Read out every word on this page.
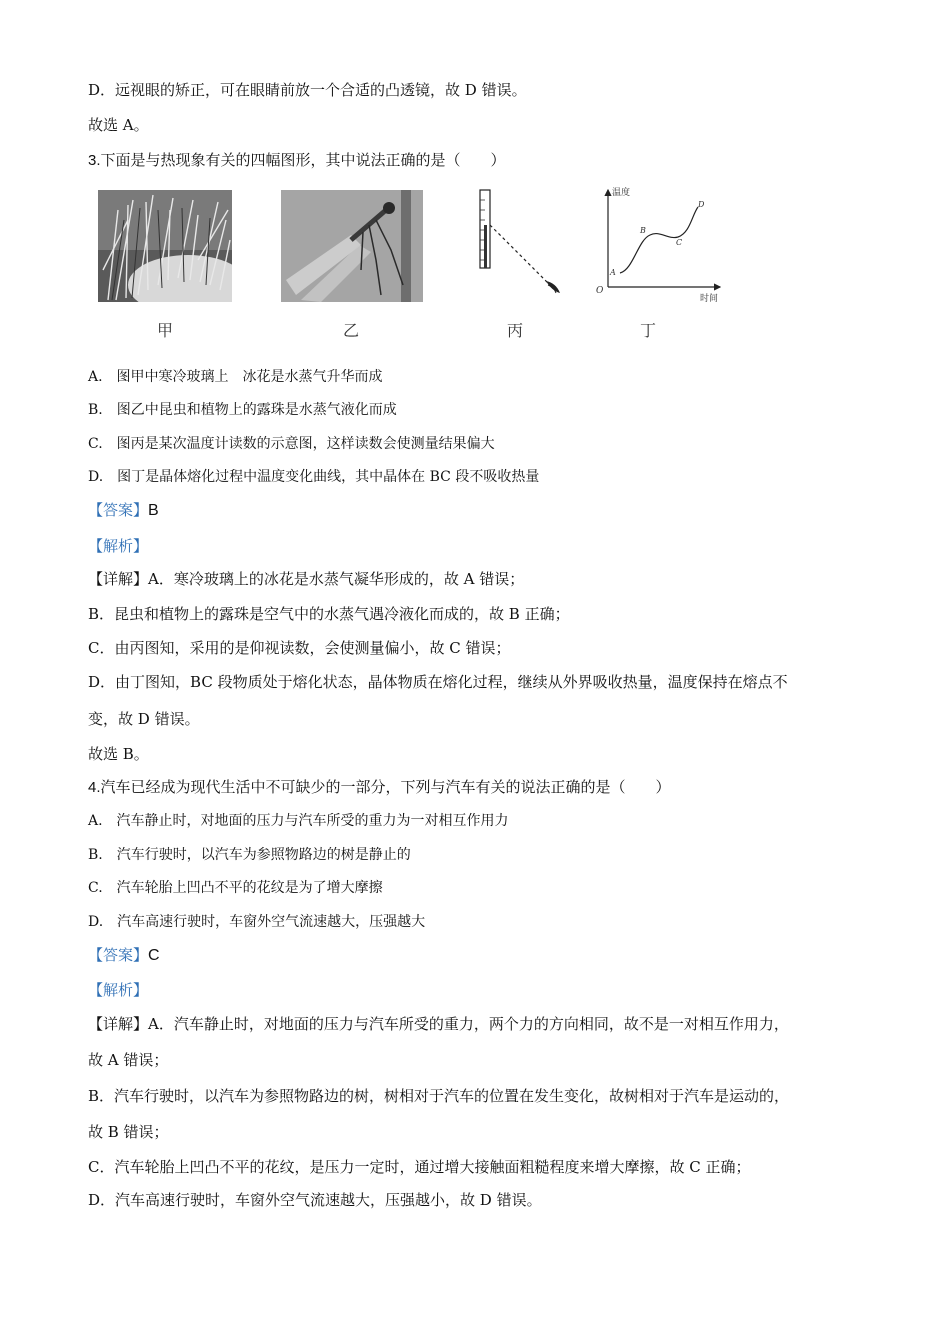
D．远视眼的矫正，可在眼睛前放一个合适的凸透镜，故 D 错误。
故选 A。
3.下面是与热现象有关的四幅图形，其中说法正确的是（　　）
甲	乙	丙
温度
时间
O
A
B
C
D
丁
A.　图甲中寒冷玻璃上　冰花是水蒸气升华而成
B.　图乙中昆虫和植物上的露珠是水蒸气液化而成
C.　图丙是某次温度计读数的示意图，这样读数会使测量结果偏大
D.　图丁是晶体熔化过程中温度变化曲线，其中晶体在 BC 段不吸收热量
【答案】B
【解析】
【详解】A．寒冷玻璃上的冰花是水蒸气凝华形成的，故 A 错误；
B．昆虫和植物上的露珠是空气中的水蒸气遇冷液化而成的，故 B 正确；
C．由丙图知，采用的是仰视读数，会使测量偏小，故 C 错误；
D．由丁图知，BC 段物质处于熔化状态，晶体物质在熔化过程，继续从外界吸收热量，温度保持在熔点不
变，故 D 错误。
故选 B。
4.汽车已经成为现代生活中不可缺少的一部分，下列与汽车有关的说法正确的是（　　）
A.　汽车静止时，对地面的压力与汽车所受的重力为一对相互作用力
B.　汽车行驶时，以汽车为参照物路边的树是静止的
C.　汽车轮胎上凹凸不平的花纹是为了增大摩擦
D.　汽车高速行驶时，车窗外空气流速越大，压强越大
【答案】C
【解析】
【详解】A．汽车静止时，对地面的压力与汽车所受的重力，两个力的方向相同，故不是一对相互作用力，
故 A 错误；
B．汽车行驶时，以汽车为参照物路边的树，树相对于汽车的位置在发生变化，故树相对于汽车是运动的，
故 B 错误；
C．汽车轮胎上凹凸不平的花纹，是压力一定时，通过增大接触面粗糙程度来增大摩擦，故 C 正确；
D．汽车高速行驶时，车窗外空气流速越大，压强越小，故 D 错误。
